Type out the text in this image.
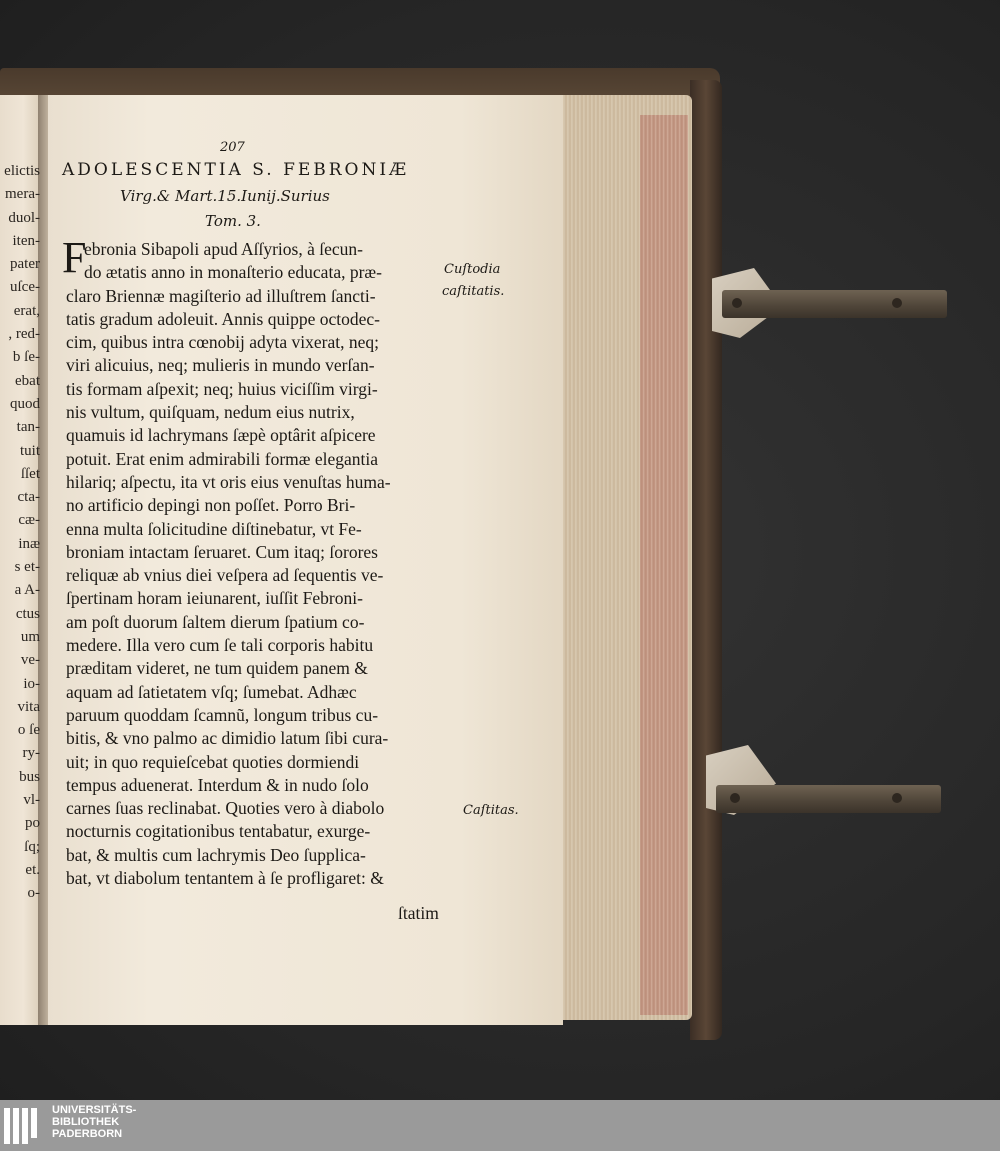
elictis
mera-
duol-
iten-
pater
uſce-
erat,
, red-
b ſe-
ebat
quod
tan-
tuit
ſſet
cta-
cæ-
inæ
s et-
a A-
ctus
um
ve-
io-
vita
o ſe
ry-
bus
vl-
po
ſq;
et.
o-
207
ADOLESCENTIA S. FEBRONIÆ
Virg.& Mart.15.Iunij.Surius
Tom. 3.
F
ebronia Sibapoli apud Aſſyrios, à ſecun-
do ætatis anno in monaſterio educata, præ-
claro Briennæ magiſterio ad illuſtrem ſancti-
tatis gradum adoleuit. Annis quippe octodec-
cim, quibus intra cœnobij adyta vixerat, neq;
viri alicuius, neq; mulieris in mundo verſan-
tis formam aſpexit; neq; huius viciſſim virgi-
nis vultum, quiſquam, nedum eius nutrix,
quamuis id lachrymans ſæpè optârit aſpicere
potuit. Erat enim admirabili formæ elegantia
hilariq; aſpectu, ita vt oris eius venuſtas huma-
no artificio depingi non poſſet. Porro Bri-
enna multa ſolicitudine diſtinebatur, vt Fe-
broniam intactam ſeruaret. Cum itaq; ſorores
reliquæ ab vnius diei veſpera ad ſequentis ve-
ſpertinam horam ieiunarent, iuſſit Febroni-
am poſt duorum ſaltem dierum ſpatium co-
medere. Illa vero cum ſe tali corporis habitu
præditam videret, ne tum quidem panem &
aquam ad ſatietatem vſq; ſumebat. Adhæc
paruum quoddam ſcamnũ, longum tribus cu-
bitis, & vno palmo ac dimidio latum ſibi cura-
uit; in quo requieſcebat quoties dormiendi
tempus aduenerat. Interdum & in nudo ſolo
carnes ſuas reclinabat. Quoties vero à diabolo
nocturnis cogitationibus tentabatur, exurge-
bat, & multis cum lachrymis Deo ſupplica-
bat, vt diabolum tentantem à ſe profligaret: &
Cuſtodia
caſtitatis.
Caſtitas.
ſtatim
UNIVERSITÄTS-
BIBLIOTHEK
PADERBORN
